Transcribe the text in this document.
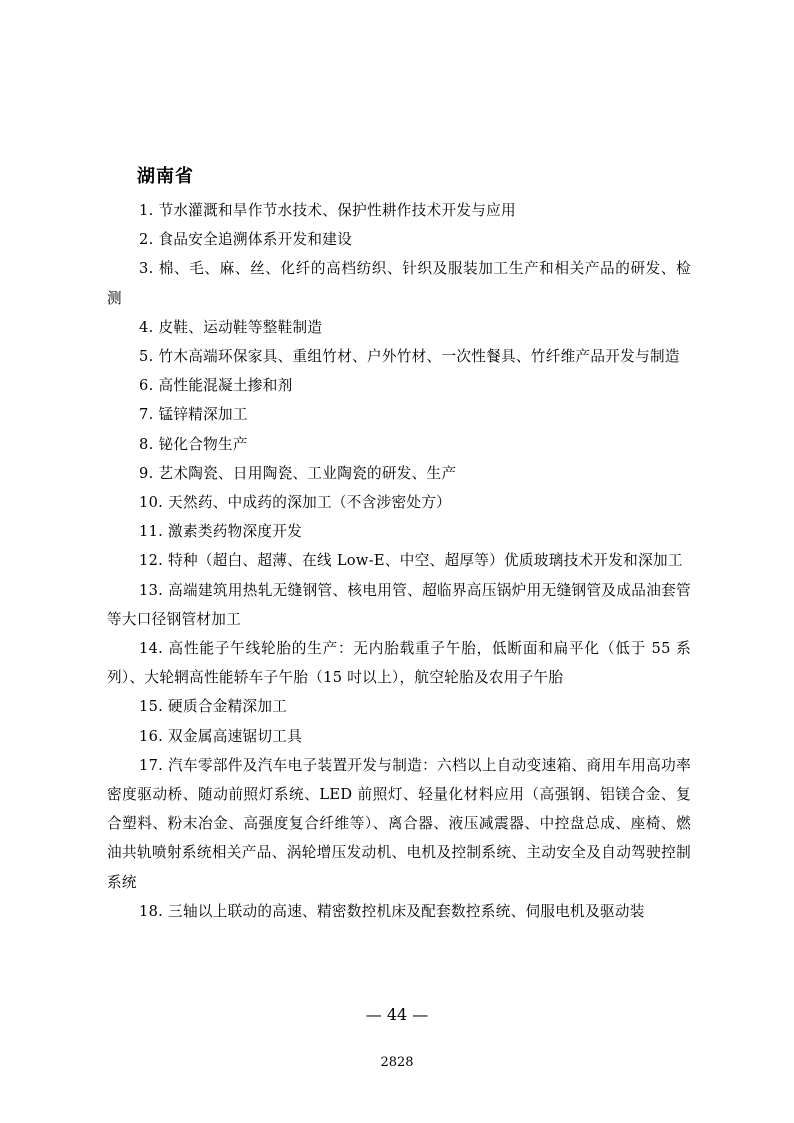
湖南省

1. 节水灌溉和旱作节水技术、保护性耕作技术开发与应用

2. 食品安全追溯体系开发和建设

3. 棉、毛、麻、丝、化纤的高档纺织、针织及服装加工生产和相关产品的研发、检测

4. 皮鞋、运动鞋等整鞋制造

5. 竹木高端环保家具、重组竹材、户外竹材、一次性餐具、竹纤维产品开发与制造

6. 高性能混凝土掺和剂

7. 锰锌精深加工

8. 铋化合物生产

9. 艺术陶瓷、日用陶瓷、工业陶瓷的研发、生产

10. 天然药、中成药的深加工（不含涉密处方）

11. 激素类药物深度开发

12. 特种（超白、超薄、在线 Low-E、中空、超厚等）优质玻璃技术开发和深加工

13. 高端建筑用热轧无缝钢管、核电用管、超临界高压锅炉用无缝钢管及成品油套管等大口径钢管材加工

14. 高性能子午线轮胎的生产：无内胎载重子午胎，低断面和扁平化（低于 55 系列）、大轮辋高性能轿车子午胎（15 吋以上），航空轮胎及农用子午胎

15. 硬质合金精深加工

16. 双金属高速锯切工具

17. 汽车零部件及汽车电子装置开发与制造：六档以上自动变速箱、商用车用高功率密度驱动桥、随动前照灯系统、LED 前照灯、轻量化材料应用（高强钢、铝镁合金、复合塑料、粉末冶金、高强度复合纤维等）、离合器、液压减震器、中控盘总成、座椅、燃油共轨喷射系统相关产品、涡轮增压发动机、电机及控制系统、主动安全及自动驾驶控制系统

18. 三轴以上联动的高速、精密数控机床及配套数控系统、伺服电机及驱动装

— 44 —
2828
